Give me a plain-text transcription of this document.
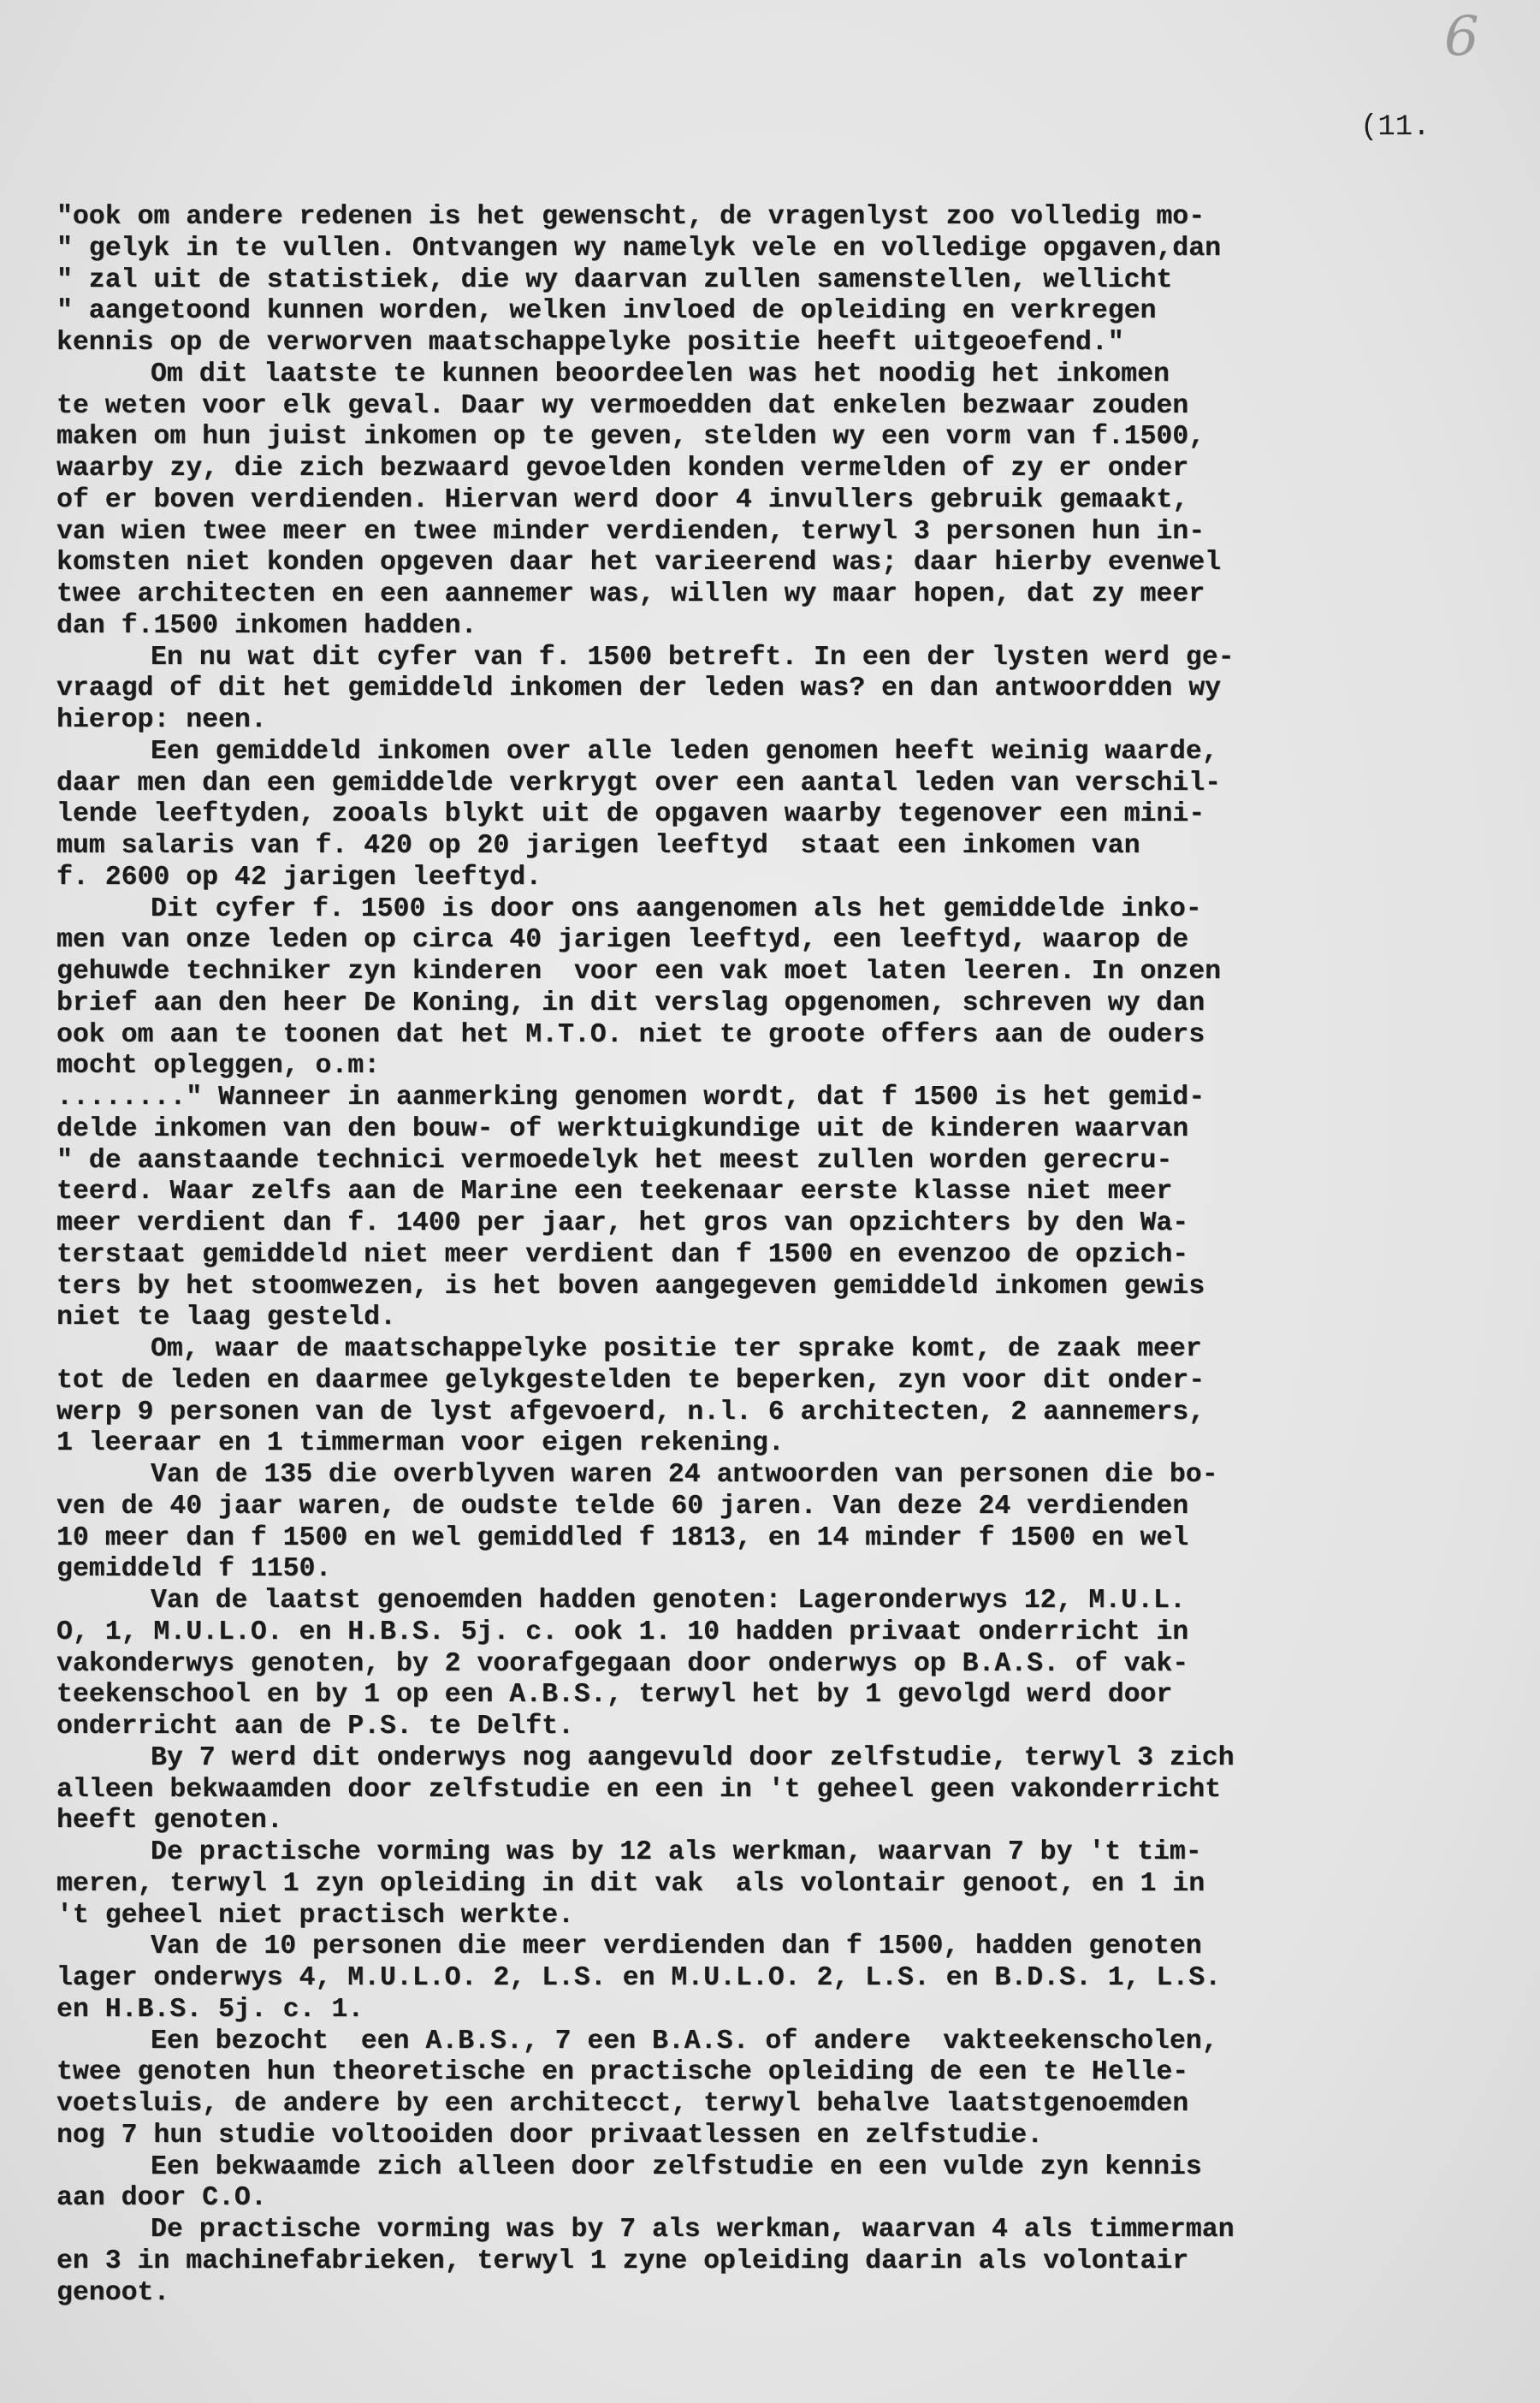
6
(11.
"ook om andere redenen is het gewenscht, de vragenlyst zoo volledig mo-
" gelyk in te vullen. Ontvangen wy namelyk vele en volledige opgaven,dan
" zal uit de statistiek, die wy daarvan zullen samenstellen, wellicht
" aangetoond kunnen worden, welken invloed de opleiding en verkregen
kennis op de verworven maatschappelyke positie heeft uitgeoefend."
Om dit laatste te kunnen beoordeelen was het noodig het inkomen
te weten voor elk geval. Daar wy vermoedden dat enkelen bezwaar zouden
maken om hun juist inkomen op te geven, stelden wy een vorm van f.1500,
waarby zy, die zich bezwaard gevoelden konden vermelden of zy er onder
of er boven verdienden. Hiervan werd door 4 invullers gebruik gemaakt,
van wien twee meer en twee minder verdienden, terwyl 3 personen hun in-
komsten niet konden opgeven daar het varieerend was; daar hierby evenwel
twee architecten en een aannemer was, willen wy maar hopen, dat zy meer
dan f.1500 inkomen hadden.
En nu wat dit cyfer van f. 1500 betreft. In een der lysten werd ge-
vraagd of dit het gemiddeld inkomen der leden was? en dan antwoordden wy
hierop: neen.
Een gemiddeld inkomen over alle leden genomen heeft weinig waarde,
daar men dan een gemiddelde verkrygt over een aantal leden van verschil-
lende leeftyden, zooals blykt uit de opgaven waarby tegenover een mini-
mum salaris van f. 420 op 20 jarigen leeftyd  staat een inkomen van
f. 2600 op 42 jarigen leeftyd.
Dit cyfer f. 1500 is door ons aangenomen als het gemiddelde inko-
men van onze leden op circa 40 jarigen leeftyd, een leeftyd, waarop de
gehuwde techniker zyn kinderen  voor een vak moet laten leeren. In onzen
brief aan den heer De Koning, in dit verslag opgenomen, schreven wy dan
ook om aan te toonen dat het M.T.O. niet te groote offers aan de ouders
mocht opleggen, o.m:
........" Wanneer in aanmerking genomen wordt, dat f 1500 is het gemid-
delde inkomen van den bouw- of werktuigkundige uit de kinderen waarvan
" de aanstaande technici vermoedelyk het meest zullen worden gerecru-
teerd. Waar zelfs aan de Marine een teekenaar eerste klasse niet meer
meer verdient dan f. 1400 per jaar, het gros van opzichters by den Wa-
terstaat gemiddeld niet meer verdient dan f 1500 en evenzoo de opzich-
ters by het stoomwezen, is het boven aangegeven gemiddeld inkomen gewis
niet te laag gesteld.
Om, waar de maatschappelyke positie ter sprake komt, de zaak meer
tot de leden en daarmee gelykgestelden te beperken, zyn voor dit onder-
werp 9 personen van de lyst afgevoerd, n.l. 6 architecten, 2 aannemers,
1 leeraar en 1 timmerman voor eigen rekening.
Van de 135 die overblyven waren 24 antwoorden van personen die bo-
ven de 40 jaar waren, de oudste telde 60 jaren. Van deze 24 verdienden
10 meer dan f 1500 en wel gemiddled f 1813, en 14 minder f 1500 en wel
gemiddeld f 1150.
Van de laatst genoemden hadden genoten: Lageronderwys 12, M.U.L.
O, 1, M.U.L.O. en H.B.S. 5j. c. ook 1. 10 hadden privaat onderricht in
vakonderwys genoten, by 2 voorafgegaan door onderwys op B.A.S. of vak-
teekenschool en by 1 op een A.B.S., terwyl het by 1 gevolgd werd door
onderricht aan de P.S. te Delft.
By 7 werd dit onderwys nog aangevuld door zelfstudie, terwyl 3 zich
alleen bekwaamden door zelfstudie en een in 't geheel geen vakonderricht
heeft genoten.
De practische vorming was by 12 als werkman, waarvan 7 by 't tim-
meren, terwyl 1 zyn opleiding in dit vak  als volontair genoot, en 1 in
't geheel niet practisch werkte.
Van de 10 personen die meer verdienden dan f 1500, hadden genoten
lager onderwys 4, M.U.L.O. 2, L.S. en M.U.L.O. 2, L.S. en B.D.S. 1, L.S.
en H.B.S. 5j. c. 1.
Een bezocht  een A.B.S., 7 een B.A.S. of andere  vakteekenscholen,
twee genoten hun theoretische en practische opleiding de een te Helle-
voetsluis, de andere by een architecct, terwyl behalve laatstgenoemden
nog 7 hun studie voltooiden door privaatlessen en zelfstudie.
Een bekwaamde zich alleen door zelfstudie en een vulde zyn kennis
aan door C.O.
De practische vorming was by 7 als werkman, waarvan 4 als timmerman
en 3 in machinefabrieken, terwyl 1 zyne opleiding daarin als volontair
genoot.
